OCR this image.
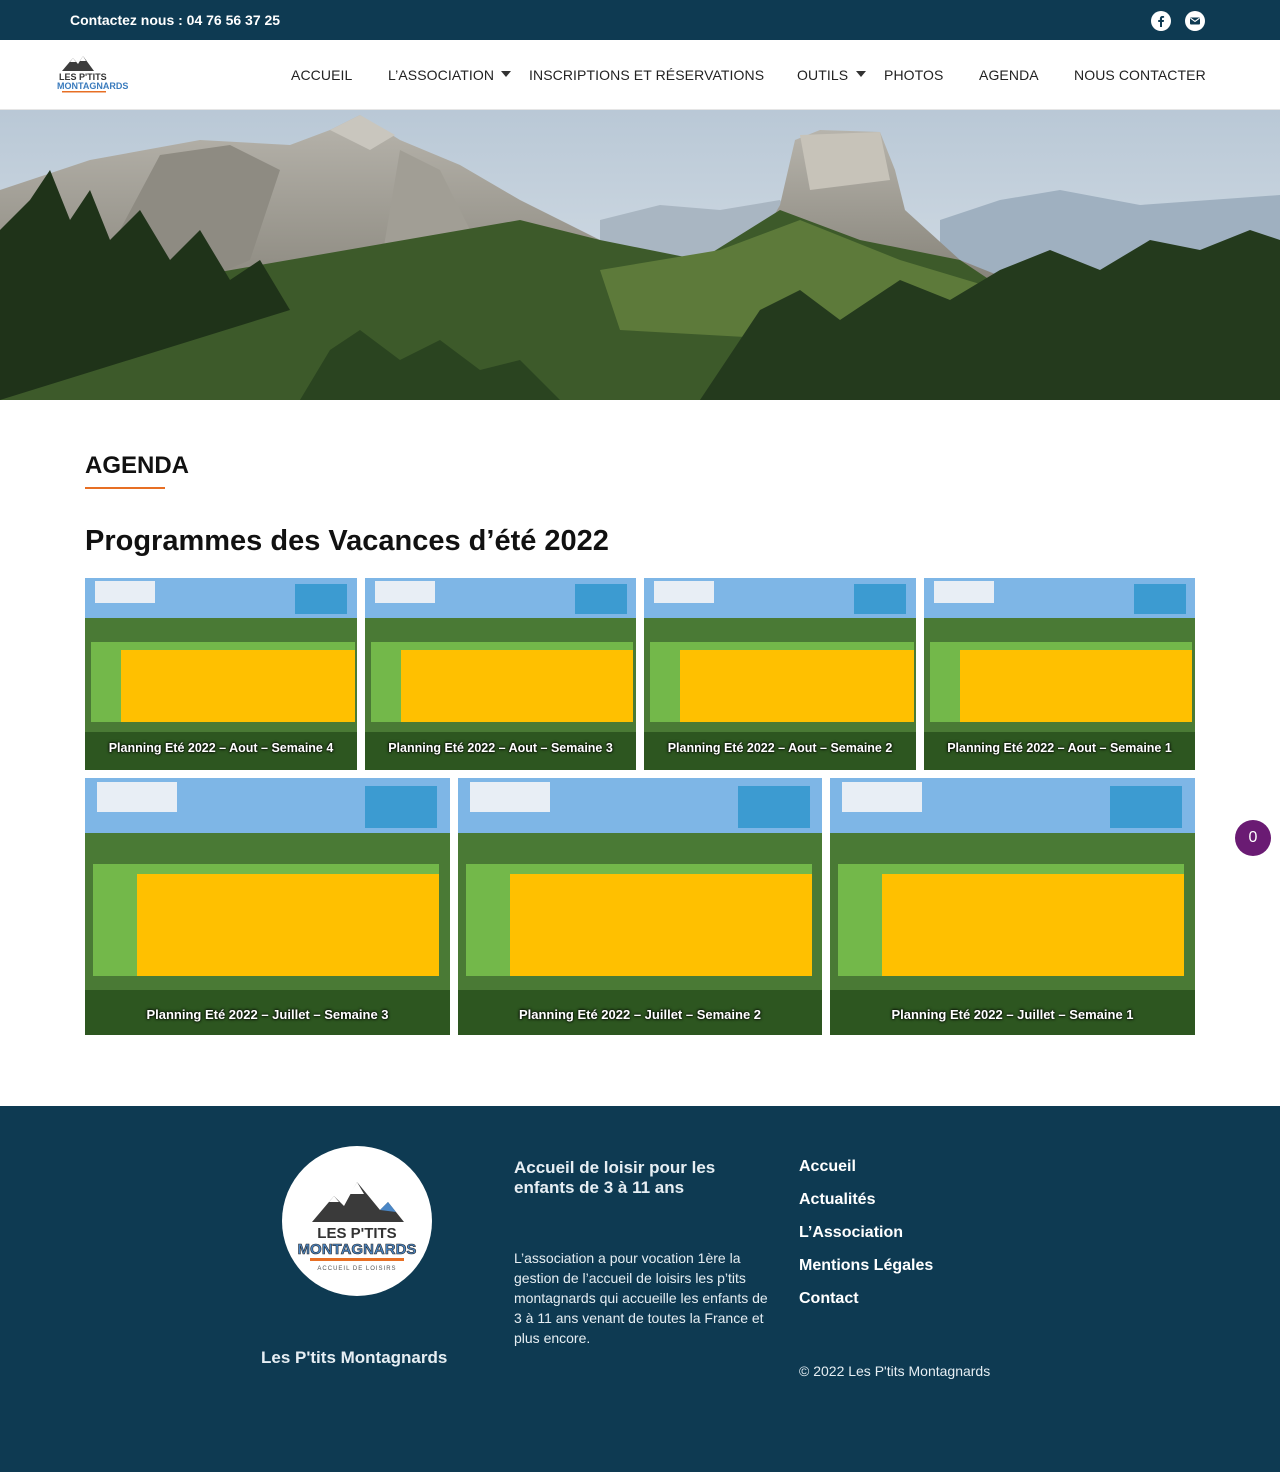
Contactez nous : 04 76 56 37 25
LES P'TITS
MONTAGNARDS
ACCUEIL	L’ASSOCIATION INSCRIPTIONS ET RÉSERVATIONS OUTILS	PHOTOS	AGENDA	NOUS CONTACTER
AGENDA
Programmes des Vacances d’été 2022
Planning Eté 2022 – Aout – Semaine 4	Planning Eté 2022 – Aout – Semaine 3	Planning Eté 2022 – Aout – Semaine 2	Planning Eté 2022 – Aout – Semaine 1
Planning Eté 2022 – Juillet – Semaine 3	Planning Eté 2022 – Juillet – Semaine 2	Planning Eté 2022 – Juillet – Semaine 1
0
LES P'TITS
MONTAGNARDS
ACCUEIL DE LOISIRS
Les P'tits Montagnards
Accueil de loisir pour les enfants de 3 à 11 ans
L’association a pour vocation 1ère la gestion de l’accueil de loisirs les p’tits montagnards qui accueille les enfants de 3 à 11 ans venant de toutes la France et plus encore.
Accueil
Actualités
L’Association
Mentions Légales
Contact
© 2022 Les P'tits Montagnards
